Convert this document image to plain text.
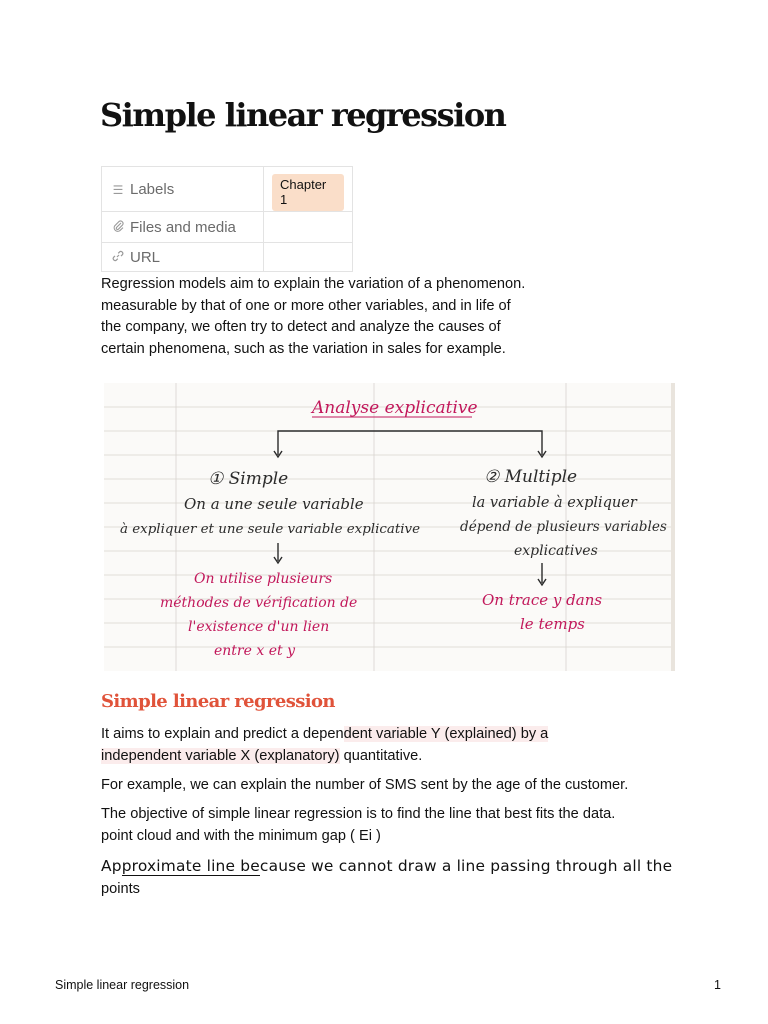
Simple linear regression
☰ Labels	Chapter 1
Files and media	
URL	

Regression models aim to explain the variation of a phenomenon.

measurable by that of one or more other variables, and in life of

the company, we often try to detect and analyze the causes of

certain phenomena, such as the variation in sales for example.

Analyse explicative
① Simple
On a une seule variable
à expliquer et une seule variable explicative
On utilise plusieurs
méthodes de vérification de
l'existence d'un lien
entre x et y
② Multiple
la variable à expliquer
dépend de plusieurs variables
explicatives
On trace y dans
le temps
Simple linear regression

It aims to explain and predict a dependent variable Y (explained) by a
independent variable X (explanatory) quantitative.

For example, we can explain the number of SMS sent by the age of the customer.

The objective of simple linear regression is to find the line that best fits the data.
point cloud and with the minimum gap ( Ei )

Approximate line because we cannot draw a line passing through all the
points

Simple linear regression	1
